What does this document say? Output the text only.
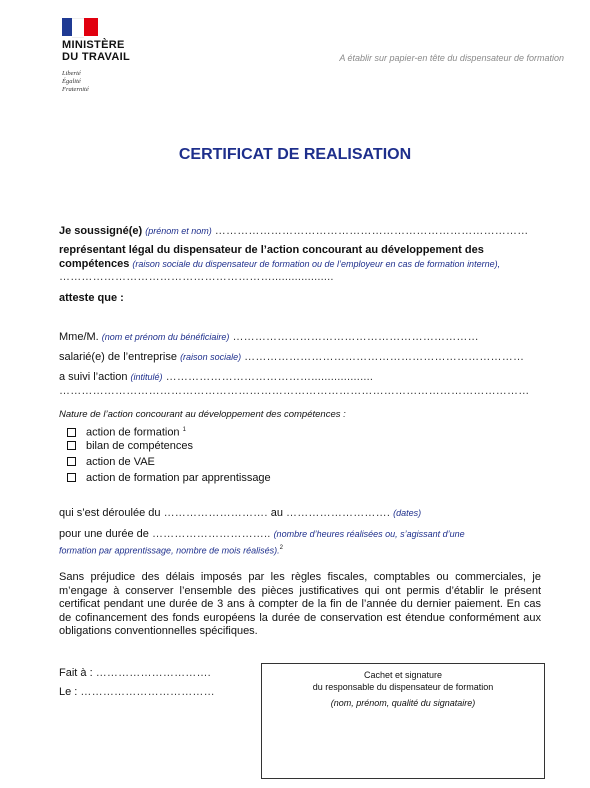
MINISTÈRE
DU TRAVAIL
Liberté
Égalité
Fraternité
A établir sur papier-en tête du dispensateur de formation
CERTIFICAT DE REALISATION
Je soussigné(e) (prénom et nom) …………………………………………………………………………
représentant légal du dispensateur de l’action concourant au développement des compétences (raison sociale du dispensateur de formation ou de l’employeur en cas de formation interne), …………………………………………………...................
atteste que :
Mme/M. (nom et prénom du bénéficiaire) …………………………………………………………
salarié(e) de l’entreprise (raison sociale) …………………………………………………………………
a suivi l’action (intitulé) …………………………………...................
………………………………………………………………………………………………………………
Nature de l’action concourant au développement des compétences :
action de formation $^1$
bilan de compétences
action de VAE
action de formation par apprentissage
qui s’est déroulée du ………………………. au ………………………. (dates)
pour une durée de ………………………….. (nombre d’heures réalisées ou, s’agissant d’une
formation par apprentissage, nombre de mois réalisés).$^2$
Sans préjudice des délais imposés par les règles fiscales, comptables ou commerciales, je m’engage à conserver l’ensemble des pièces justificatives qui ont permis d’établir le présent certificat pendant une durée de 3 ans à compter de la fin de l’année du dernier paiement. En cas de cofinancement des fonds européens la durée de conservation est étendue conformément aux obligations conventionnelles spécifiques.
Fait à : ………………………….
Le : ………………………………
Cachet et signature
du responsable du dispensateur de formation
(nom, prénom, qualité du signataire)
